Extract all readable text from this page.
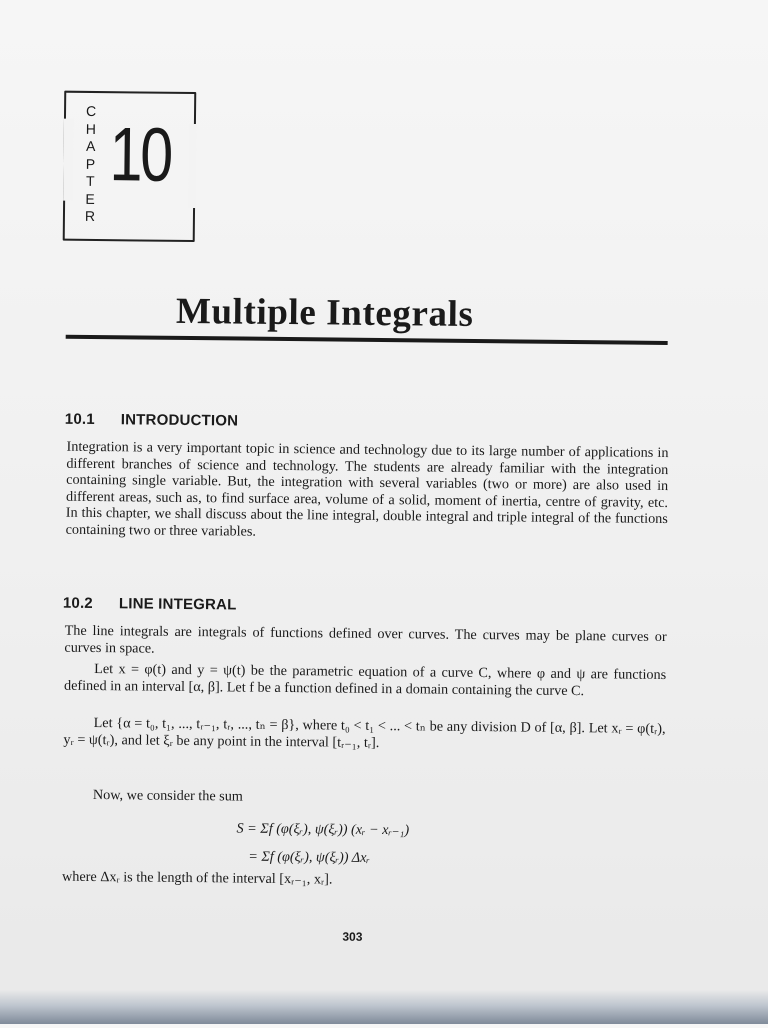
C
H
A
P
T
E
R
10
Multiple Integrals
10.1 INTRODUCTION
Integration is a very important topic in science and technology due to its large number of applications in different branches of science and technology. The students are already familiar with the integration containing single variable. But, the integration with several variables (two or more) are also used in different areas, such as, to find surface area, volume of a solid, moment of inertia, centre of gravity, etc. In this chapter, we shall discuss about the line integral, double integral and triple integral of the functions containing two or three variables.
10.2 LINE INTEGRAL
The line integrals are integrals of functions defined over curves. The curves may be plane curves or curves in space.
Let x = φ(t) and y = ψ(t) be the parametric equation of a curve C, where φ and ψ are functions defined in an interval [α, β]. Let f be a function defined in a domain containing the curve C.
Let {α = t₀, t₁, ..., tᵣ₋₁, tᵣ, ..., tₙ = β}, where t₀ < t₁ < ... < tₙ be any division D of [α, β]. Let xᵣ = φ(tᵣ), yᵣ = ψ(tᵣ), and let ξᵣ be any point in the interval [tᵣ₋₁, tᵣ].
Now, we consider the sum
S = Σf (φ(ξᵣ), ψ(ξᵣ)) (xᵣ − xᵣ₋₁)
= Σf (φ(ξᵣ), ψ(ξᵣ)) Δxᵣ
where Δxᵣ is the length of the interval [xᵣ₋₁, xᵣ].
303
